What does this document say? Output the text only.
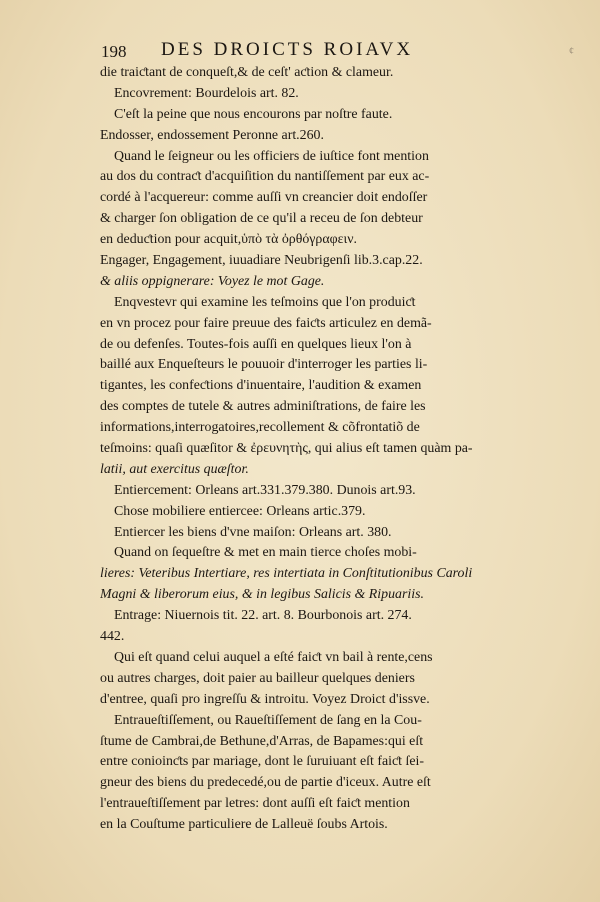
¢
198 DES DROICTS ROIAVX
die traiƈtant de conqueſt,& de ceſt' aƈtion & clameur.
Encovrement: Bourdelois art. 82.
C'eſt la peine que nous encourons par noſtre faute.
Endosser, endossement Peronne art.260.
Quand le ſeigneur ou les officiers de iuſtice font mention
au dos du contraƈt d'acquiſition du nantiſſement par eux ac-
cordé à l'acquereur: comme auſſi vn creancier doit endoſſer
& charger ſon obligation de ce qu'il a receu de ſon debteur
en deduƈtion pour acquit,ὑπὸ τὰ ὀρθόγραφειν.
Engager, Engagement, iuuadiare Neubrigenſi lib.3.cap.22.
& aliis oppignerare: Voyez le mot Gage.
Enqvestevr qui examine les teſmoins que l'on produiƈt
en vn procez pour faire preuue des faiƈts articulez en demã-
de ou defenſes. Toutes-fois auſſi en quelques lieux l'on à
baillé aux Enqueſteurs le pouuoir d'interroger les parties li-
tigantes, les confeƈtions d'inuentaire, l'audition & examen
des comptes de tutele & autres adminiſtrations, de faire les
informations,interrogatoires,recollement & cõfrontatiõ de
teſmoins: quaſi quæſitor & ἐρευνητὴς, qui alius eſt tamen quàm pa-
latii, aut exercitus quæſtor.
Entiercement: Orleans art.331.379.380. Dunois art.93.
Chose mobiliere entiercee: Orleans artic.379.
Entiercer les biens d'vne maiſon: Orleans art. 380.
Quand on ſequeſtre & met en main tierce choſes mobi-
lieres: Veteribus Intertiare, res intertiata in Conſtitutionibus Caroli
Magni & liberorum eius, & in legibus Salicis & Ripuariis.
Entrage: Niuernois tit. 22. art. 8. Bourbonois art. 274.
442.
Qui eſt quand celui auquel a eſté faiƈt vn bail à rente,cens
ou autres charges, doit paier au bailleur quelques deniers
d'entree, quaſi pro ingreſſu & introitu. Voyez Droict d'issve.
Entraueſtiſſement, ou Raueſtiſſement de ſang en la Cou-
ſtume de Cambrai,de Bethune,d'Arras, de Bapames:qui eſt
entre conioinƈts par mariage, dont le ſuruiuant eſt faiƈt ſei-
gneur des biens du predecedé,ou de partie d'iceux. Autre eſt
l'entraueſtiſſement par letres: dont auſſi eſt faiƈt mention
en la Couſtume particuliere de Lalleuë ſoubs Artois.
